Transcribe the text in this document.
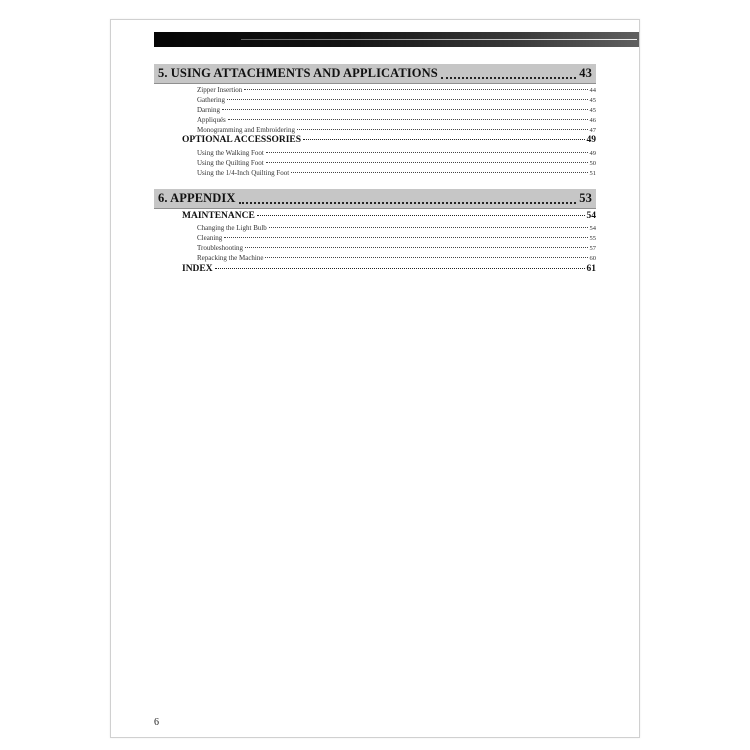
5. USING ATTACHMENTS AND APPLICATIONS	43
Zipper Insertion	44
Gathering	45
Darning	45
Appliqués	46
Monogramming and Embroidering	47
OPTIONAL ACCESSORIES	49
Using the Walking Foot	49
Using the Quilting Foot	50
Using the 1/4-Inch Quilting Foot	51
6. APPENDIX	53
MAINTENANCE	54
Changing the Light Bulb	54
Cleaning	55
Troubleshooting	57
Repacking the Machine	60
INDEX	61
6
